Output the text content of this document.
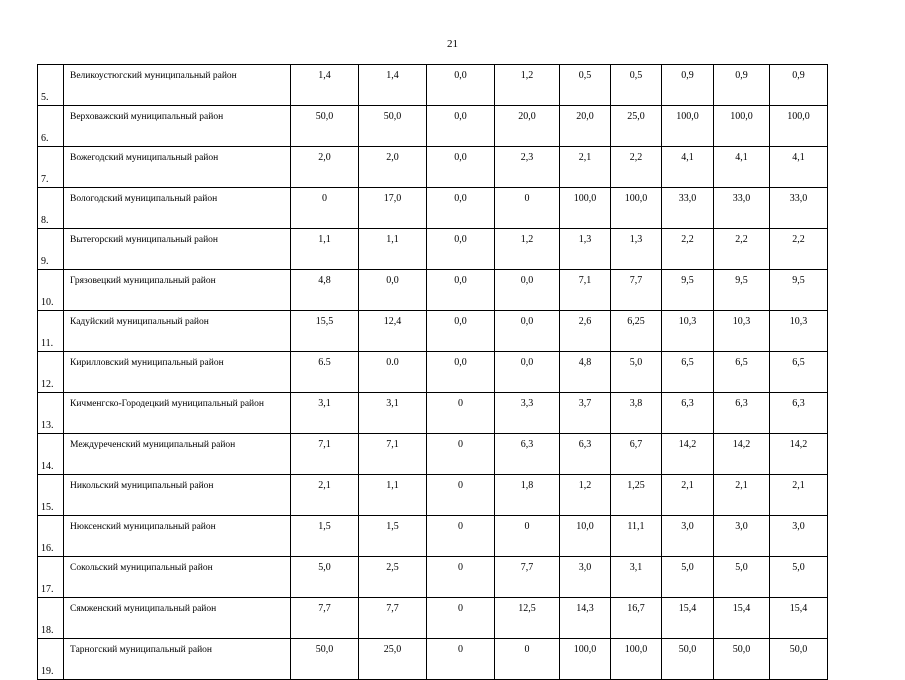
21
5.	Великоустюгский муниципальный район	1,4	1,4	0,0	1,2	0,5	0,5	0,9	0,9	0,9
6.	Верховажский муниципальный район	50,0	50,0	0,0	20,0	20,0	25,0	100,0	100,0	100,0
7.	Вожегодский муниципальный район	2,0	2,0	0,0	2,3	2,1	2,2	4,1	4,1	4,1
8.	Вологодский муниципальный район	0	17,0	0,0	0	100,0	100,0	33,0	33,0	33,0
9.	Вытегорский муниципальный район	1,1	1,1	0,0	1,2	1,3	1,3	2,2	2,2	2,2
10.	Грязовецкий муниципальный район	4,8	0,0	0,0	0,0	7,1	7,7	9,5	9,5	9,5
11.	Кадуйский муниципальный район	15,5	12,4	0,0	0,0	2,6	6,25	10,3	10,3	10,3
12.	Кирилловский муниципальный район	6.5	0.0	0,0	0,0	4,8	5,0	6,5	6,5	6,5
13.	Кичменгско-Городецкий муниципальный район	3,1	3,1	0	3,3	3,7	3,8	6,3	6,3	6,3
14.	Междуреченский муниципальный район	7,1	7,1	0	6,3	6,3	6,7	14,2	14,2	14,2
15.	Никольский муниципальный район	2,1	1,1	0	1,8	1,2	1,25	2,1	2,1	2,1
16.	Нюксенский муниципальный район	1,5	1,5	0	0	10,0	11,1	3,0	3,0	3,0
17.	Сокольский муниципальный район	5,0	2,5	0	7,7	3,0	3,1	5,0	5,0	5,0
18.	Сямженский муниципальный район	7,7	7,7	0	12,5	14,3	16,7	15,4	15,4	15,4
19.	Тарногский муниципальный район	50,0	25,0	0	0	100,0	100,0	50,0	50,0	50,0
